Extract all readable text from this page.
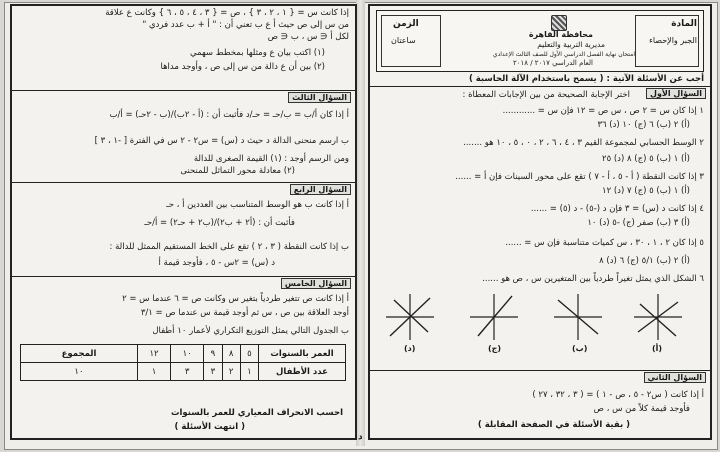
إذا كانت س = { ١ ، ٢ ، ٣ } ، ص = { ٣ ، ٤ ، ٥ ، ٦ } وكانت ع علاقة
من س إلى ص حيث أ ع ب تعني أن : " أ + ب عدد فردي "
لكل أ ∈ س ، ب ∈ ص
(١) اكتب بيان ع ومثلها بمخطط سهمي
(٢) بين أن ع دالة من س إلى ص ، وأوجد مداها
السؤال الثالث
أ إذا كان أ/ب = ب/حـ = حـ/د فأثبت أن : (أ - ٢ب)/(ب - ٢حـ) = أ/ب
ب ارسم منحنى الدالة د حيث د (س) = س٢ - ٢ س في الفترة [ -١ ، ٣ ]
ومن الرسم أوجد : (١) القيمة الصغرى للدالة
(٢) معادلة محور التماثل للمنحنى
السؤال الرابع
أ إذا كانت ب هو الوسط المتناسب بين العددين أ ، حـ
فأثبت أن : (أ٢ + ب٢)/(ب٢ + حـ٢) = أ/حـ
ب إذا كانت النقطة ( ٣ ، ٢ ) تقع على الخط المستقيم الممثل للدالة :
د (س) = ٢س - ٥ ، فأوجد قيمة أ
السؤال الخامس
أ إذا كانت ص تتغير طردياً بتغير س وكانت ص = ٦ عندما س = ٢
أوجد العلاقة بين ص ، س ثم أوجد قيمة س عندما ص = ٣/١
ب الجدول التالي يمثل التوزيع التكراري لأعمار ١٠ أطفال
العمر بالسنوات	٥	٨	٩	١٠	١٢	المجموع
عدد الأطفال	١	٢	٣	٣	١	١٠
احسب الانحراف المعياري للعمر بالسنوات
( انتهت الأسئلة )
المادة
الجبر والإحصاء
الزمن
ساعتان
محافظة القاهرة
مديرية التربية والتعليم
امتحان نهاية الفصل الدراسي الأول للصف الثالث الإعدادي
العام الدراسي ٢٠١٧ / ٢٠١٨
أجب عن الأسئلة الآتية : ( يسمح باستخدام الآلة الحاسبة )
السؤال الأول
اختر الإجابة الصحيحة من بين الإجابات المعطاة :
١ إذا كان س = ٢ ص ، س ص = ١٢ فإن س = ............
(أ) ٢ (ب) ٦ (ج) ١٠ (د) ٣٦
٢ الوسط الحسابي لمجموعة القيم ٣ ، ٤ ، ٦ ، ٢ ، ٠ ، ٥ ، ١٠ هو .......
(أ) ١ (ب) ٥ (ج) ٨ (د) ٢٥
٣ إذا كانت النقطة ( أ - ٥ ، أ - ٧ ) تقع على محور السينات فإن أ = ......
(أ) ١ (ب) ٥ (ج) ٧ (د) ١٢
٤ إذا كانت د (س) = ٣ فإن د (-٥) - د (٥) = ......
(أ) ٣ (ب) صفر (ج) -٥ (د) ١٠
٥ إذا كان ٢ ، ١ ، ٣٠ ، س كميات متناسبة فإن س = ......
(أ) ٢ (ب) ٥/١ (ج) ٦ (د) ٨
٦ الشكل الذي يمثل تغيراً طردياً بين المتغيرين س ، ص هو ......
(د)	(ج)	(ب)	(أ)
السؤال الثاني
أ إذا كانت ( س٢ - ٥ ، ص - ١ ) = ( ٣ ، ٣٢ ، ٢٧ )
فأوجد قيمة كلاً من س ، ص
( بقية الأسئلة في الصفحة المقابلة )
د
